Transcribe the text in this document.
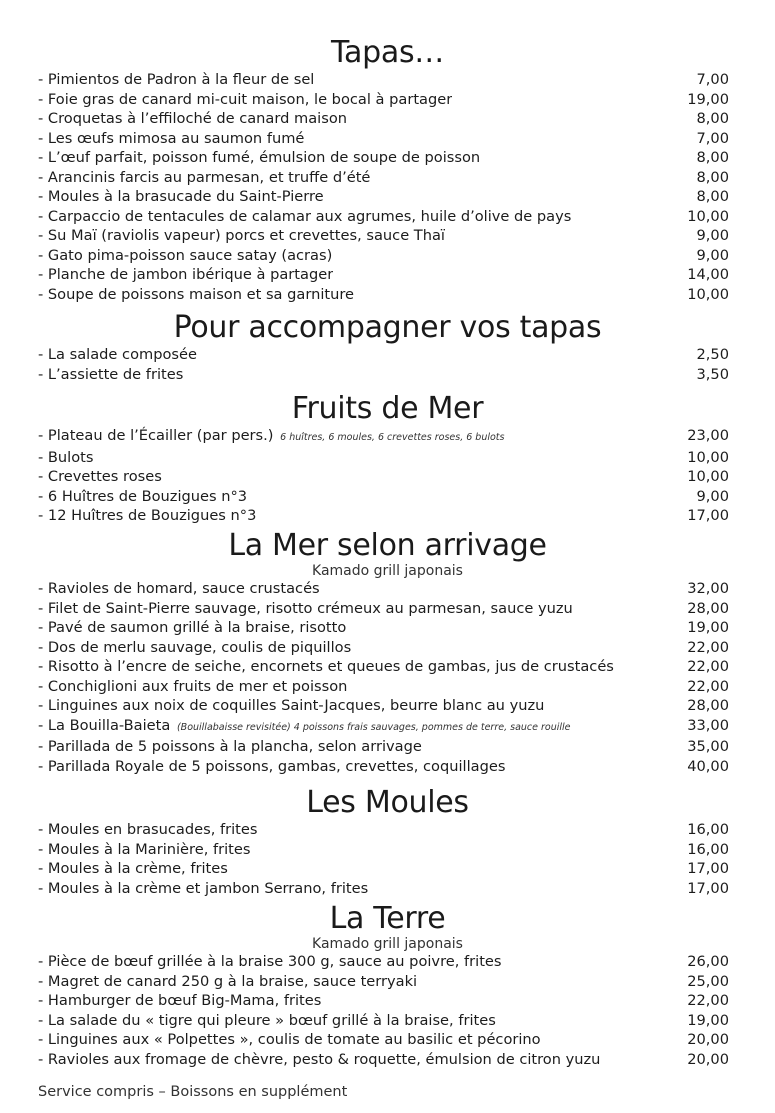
Tapas…
- Pimientos de Padron à la fleur de sel	7,00
- Foie gras de canard mi-cuit maison, le bocal à partager	19,00
- Croquetas à l’effiloché de canard maison	8,00
- Les œufs mimosa au saumon fumé	7,00
- L’œuf parfait, poisson fumé, émulsion de soupe de poisson	8,00
- Arancinis farcis au parmesan, et truffe d’été	8,00
- Moules à la brasucade du Saint-Pierre	8,00
- Carpaccio de tentacules de calamar aux agrumes, huile d’olive de pays	10,00
- Su Maï (raviolis vapeur) porcs et crevettes, sauce Thaï	9,00
- Gato pima-poisson sauce satay (acras)	9,00
- Planche de jambon ibérique à partager	14,00
- Soupe de poissons maison et sa garniture	10,00
Pour accompagner vos tapas
- La salade composée	2,50
- L’assiette de frites	3,50
Fruits de Mer
- Plateau de l’Écailler (par pers.) 6 huîtres, 6 moules, 6 crevettes roses, 6 bulots	23,00
- Bulots	10,00
- Crevettes roses	10,00
- 6 Huîtres de Bouzigues n°3	9,00
- 12 Huîtres de Bouzigues n°3	17,00
La Mer selon arrivage
Kamado grill japonais
- Ravioles de homard, sauce crustacés	32,00
- Filet de Saint-Pierre sauvage, risotto crémeux au parmesan, sauce yuzu	28,00
- Pavé de saumon grillé à la braise, risotto	19,00
- Dos de merlu sauvage, coulis de piquillos	22,00
- Risotto à l’encre de seiche, encornets et queues de gambas, jus de crustacés	22,00
- Conchiglioni aux fruits de mer et poisson	22,00
- Linguines aux noix de coquilles Saint-Jacques, beurre blanc au yuzu	28,00
- La Bouilla-Baieta (Bouillabaisse revisitée) 4 poissons frais sauvages, pommes de terre, sauce rouille	33,00
- Parillada de 5 poissons à la plancha, selon arrivage	35,00
- Parillada Royale de 5 poissons, gambas, crevettes, coquillages	40,00
Les Moules
- Moules en brasucades, frites	16,00
- Moules à la Marinière, frites	16,00
- Moules à la crème, frites	17,00
- Moules à la crème et jambon Serrano, frites	17,00
La Terre
Kamado grill japonais
- Pièce de bœuf grillée à la braise 300 g, sauce au poivre, frites	26,00
- Magret de canard 250 g à la braise, sauce terryaki	25,00
- Hamburger de bœuf Big-Mama, frites	22,00
- La salade du « tigre qui pleure » bœuf grillé à la braise, frites	19,00
- Linguines aux « Polpettes », coulis de tomate au basilic et pécorino	20,00
- Ravioles aux fromage de chèvre, pesto & roquette, émulsion de citron yuzu	20,00
Service compris – Boissons en supplément
